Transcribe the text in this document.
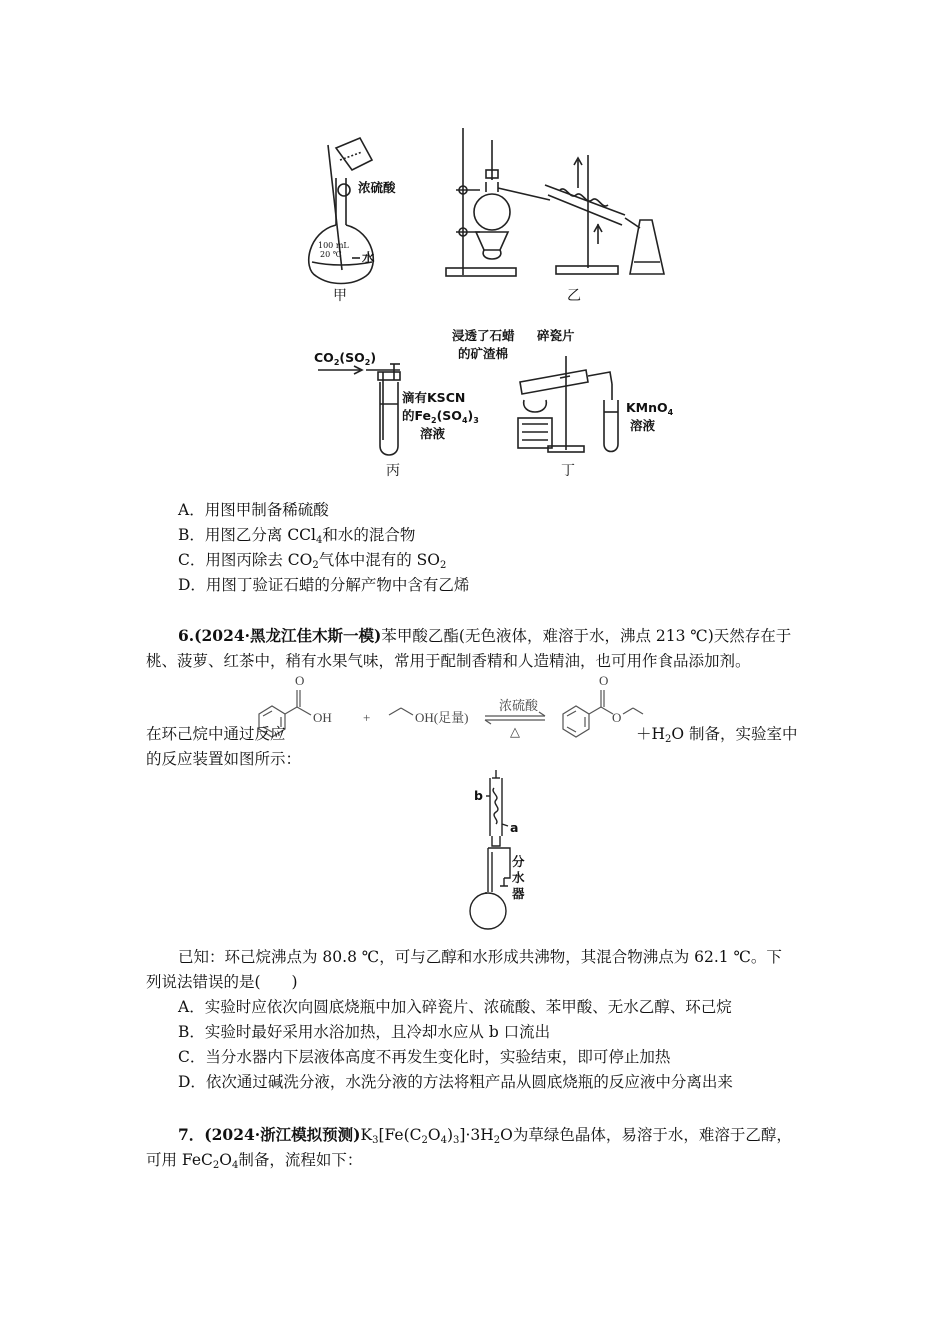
浓硫酸
100 mL
20 ℃ 水
甲	乙
$CO_2(SO_2)$
滴有KSCN
的$Fe_2(SO_4)_3$
溶液
丙
浸透了石蜡
的矿渣棉
碎瓷片
KMnO$_4$
溶液
丁
A．用图甲制备稀硫酸
B．用图乙分离 CCl$_4$和水的混合物
C．用图丙除去 $CO_2$气体中混有的 $SO_2$
D．用图丁验证石蜡的分解产物中含有乙烯
6.(2024·黑龙江佳木斯一模)苯甲酸乙酯(无色液体，难溶于水，沸点 213 ℃)天然存在于
桃、菠萝、红茶中，稍有水果气味，常用于配制香精和人造精油，也可用作食品添加剂。
O
OH +	OH(足量)
浓硫酸
△
O
O
在环己烷中通过反应	$+H_2O$ 制备，实验室中
的反应装置如图所示：
b
a
分
水
器
已知：环己烷沸点为 80.8 ℃，可与乙醇和水形成共沸物，其混合物沸点为 62.1 ℃。下
列说法错误的是(　　)
A．实验时应依次向圆底烧瓶中加入碎瓷片、浓硫酸、苯甲酸、无水乙醇、环己烷
B．实验时最好采用水浴加热，且冷却水应从 b 口流出
C．当分水器内下层液体高度不再发生变化时，实验结束，即可停止加热
D．依次通过碱洗分液，水洗分液的方法将粗产品从圆底烧瓶的反应液中分离出来
7．(2024·浙江模拟预测)$K_3[Fe(C_2O_4)_3]\cdot 3H_2O$为草绿色晶体，易溶于水，难溶于乙醇，
可用 $FeC_2O_4$制备，流程如下：
